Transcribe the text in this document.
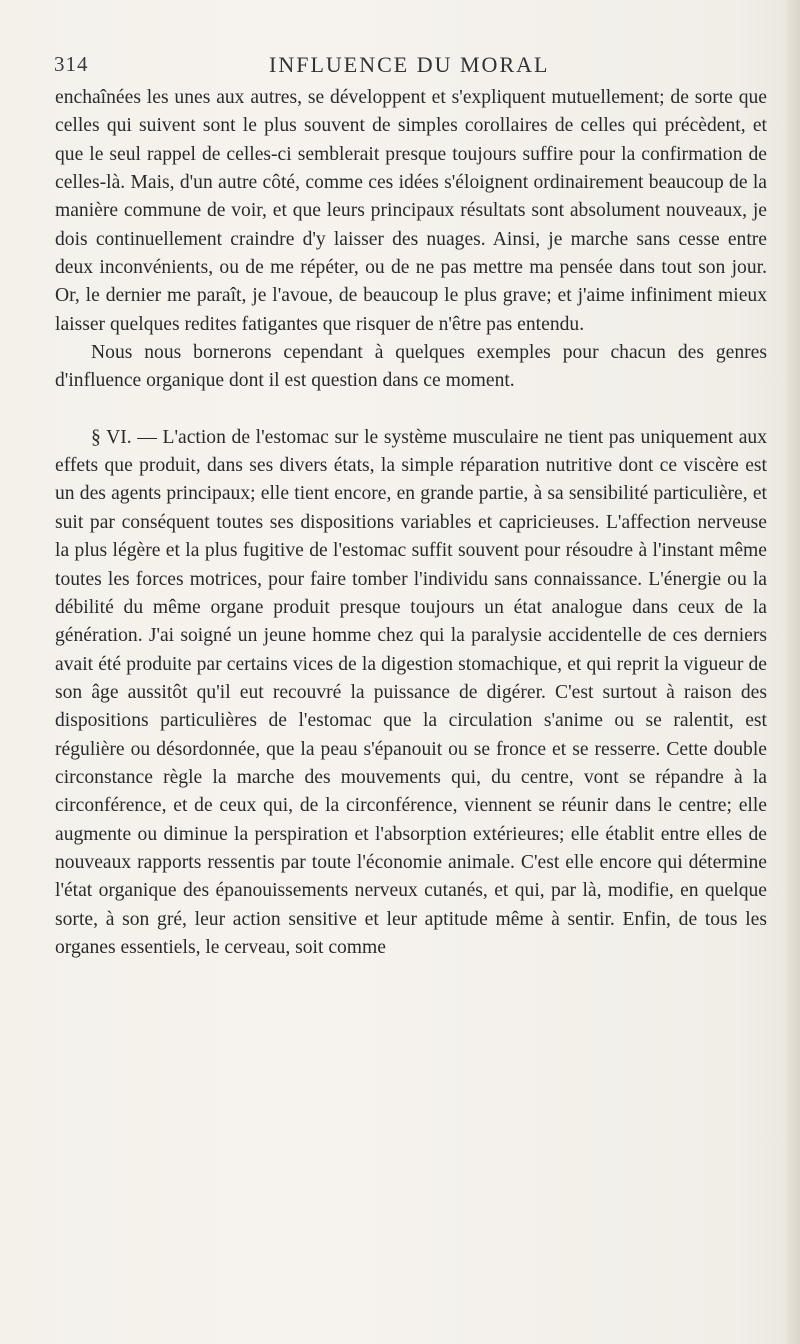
314	INFLUENCE DU MORAL

enchaînées les unes aux autres, se développent et s'expliquent mutuellement; de sorte que celles qui suivent sont le plus souvent de simples corollaires de celles qui précèdent, et que le seul rappel de celles-ci semblerait presque toujours suffire pour la confirmation de celles-là. Mais, d'un autre côté, comme ces idées s'éloignent ordinairement beaucoup de la manière commune de voir, et que leurs principaux résultats sont absolument nouveaux, je dois continuellement craindre d'y laisser des nuages. Ainsi, je marche sans cesse entre deux inconvénients, ou de me répéter, ou de ne pas mettre ma pensée dans tout son jour. Or, le dernier me paraît, je l'avoue, de beaucoup le plus grave; et j'aime infiniment mieux laisser quelques redites fatigantes que risquer de n'être pas entendu.

Nous nous bornerons cependant à quelques exemples pour chacun des genres d'influence organique dont il est question dans ce moment.

§ VI. — L'action de l'estomac sur le système musculaire ne tient pas uniquement aux effets que produit, dans ses divers états, la simple réparation nutritive dont ce viscère est un des agents principaux; elle tient encore, en grande partie, à sa sensibilité particulière, et suit par conséquent toutes ses dispositions variables et capricieuses. L'affection nerveuse la plus légère et la plus fugitive de l'estomac suffit souvent pour résoudre à l'instant même toutes les forces motrices, pour faire tomber l'individu sans connaissance. L'énergie ou la débilité du même organe produit presque toujours un état analogue dans ceux de la génération. J'ai soigné un jeune homme chez qui la paralysie accidentelle de ces derniers avait été produite par certains vices de la digestion stomachique, et qui reprit la vigueur de son âge aussitôt qu'il eut recouvré la puissance de digérer. C'est surtout à raison des dispositions particulières de l'estomac que la circulation s'anime ou se ralentit, est régulière ou désordonnée, que la peau s'épanouit ou se fronce et se resserre. Cette double circonstance règle la marche des mouvements qui, du centre, vont se répandre à la circonférence, et de ceux qui, de la circonférence, viennent se réunir dans le centre; elle augmente ou diminue la perspiration et l'absorption extérieures; elle établit entre elles de nouveaux rapports ressentis par toute l'économie animale. C'est elle encore qui détermine l'état organique des épanouissements nerveux cutanés, et qui, par là, modifie, en quelque sorte, à son gré, leur action sensitive et leur aptitude même à sentir. Enfin, de tous les organes essentiels, le cerveau, soit comme
